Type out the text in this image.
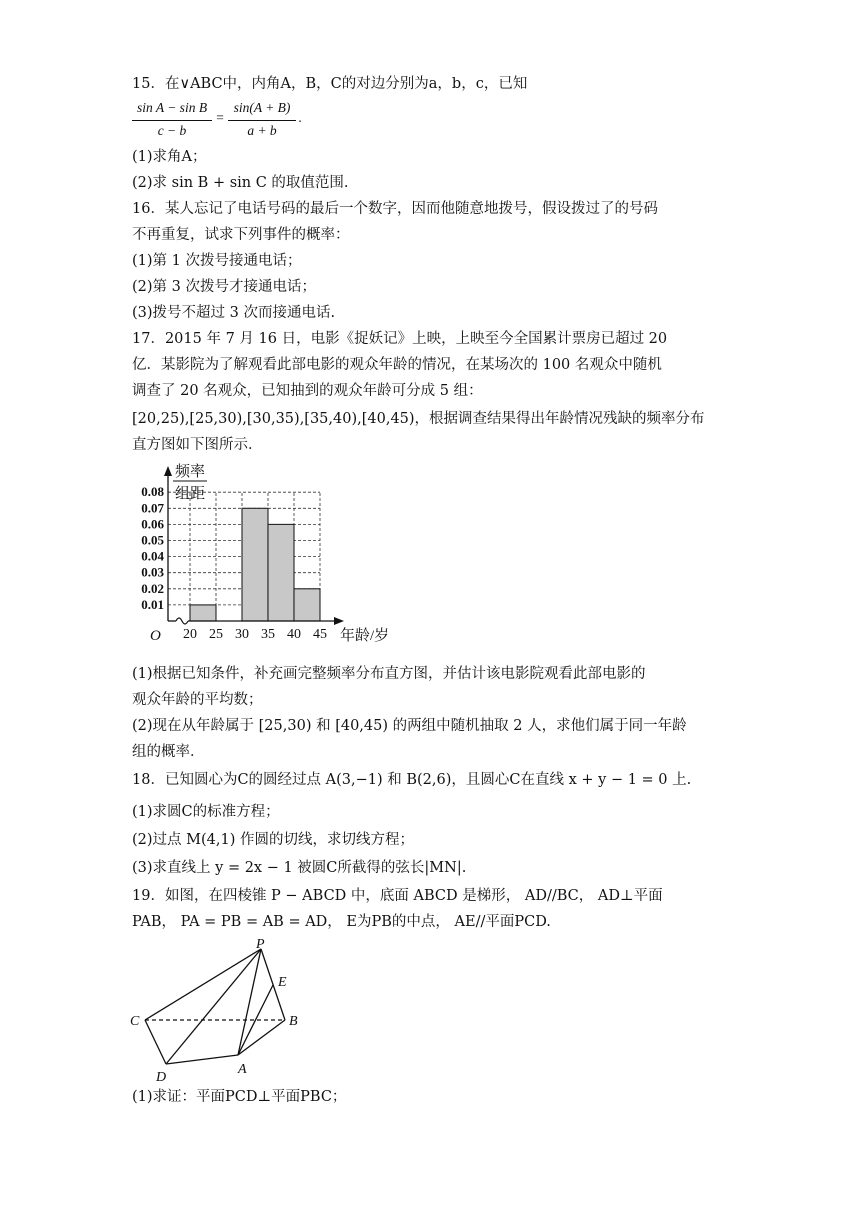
15．在∨ABC中，内角A，B，C的对边分别为a，b，c，已知
sin A − sin B
c − b
=
sin(A + B)
a + b
.
(1)求角A；
(2)求 sin B + sin C 的取值范围.
16．某人忘记了电话号码的最后一个数字，因而他随意地拨号，假设拨过了的号码
不再重复，试求下列事件的概率：
(1)第 1 次拨号接通电话；
(2)第 3 次拨号才接通电话；
(3)拨号不超过 3 次而接通电话.
17．2015 年 7 月 16 日，电影《捉妖记》上映，上映至今全国累计票房已超过 20
亿．某影院为了解观看此部电影的观众年龄的情况，在某场次的 100 名观众中随机
调查了 20 名观众，已知抽到的观众年龄可分成 5 组：
[20,25),[25,30),[30,35),[35,40),[40,45)，根据调查结果得出年龄情况残缺的频率分布
直方图如下图所示．
0.01
0.02
0.03
0.04
0.05
0.06
0.07
0.08
20 25 30 35 40 45
O	年龄/岁
频率
组距
(1)根据已知条件，补充画完整频率分布直方图，并估计该电影院观看此部电影的
观众年龄的平均数；
(2)现在从年龄属于 [25,30) 和 [40,45) 的两组中随机抽取 2 人，求他们属于同一年龄
组的概率．
18．已知圆心为C的圆经过点 A(3,−1) 和 B(2,6)，且圆心C在直线 x + y − 1 = 0 上.
(1)求圆C的标准方程；
(2)过点 M(4,1) 作圆的切线，求切线方程；
(3)求直线上 y = 2x − 1 被圆C所截得的弦长|MN|.
19．如图，在四棱锥 P − ABCD 中，底面 ABCD 是梯形， AD//BC， AD⊥平面
PAB， PA = PB = AB = AD， E为PB的中点， AE//平面PCD.
P
E
C	B
D
A
(1)求证：平面PCD⊥平面PBC；
